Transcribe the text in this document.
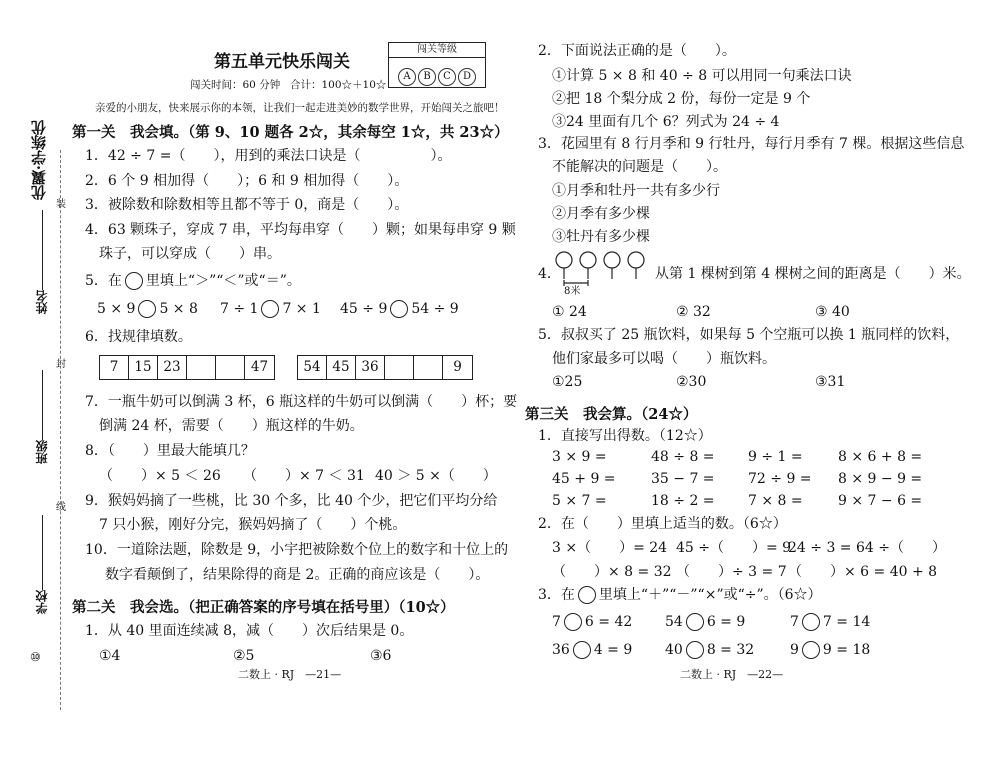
优翼·学练优
装
封
线
姓名
班级
学校
⑩
第五单元快乐闯关
闯关时间：60 分钟 合计：100☆＋10☆
闯关等级
A B C D
亲爱的小朋友，快来展示你的本领，让我们一起走进美妙的数学世界，开始闯关之旅吧！
第一关　我会填。（第 9、10 题各 2☆，其余每空 1☆，共 23☆）
1．42 ÷ 7 =（　　），用到的乘法口诀是（　　　　　）。
2．6 个 9 相加得（　　）；6 和 9 相加得（　　）。
3．被除数和除数相等且都不等于 0，商是（　　）。
4．63 颗珠子，穿成 7 串，平均每串穿（　　）颗；如果每串穿 9 颗
珠子，可以穿成（　　）串。
5．在 里填上“＞”“＜”或“＝”。
5 × 9 5 × 8 7 ÷ 1 7 × 1 45 ÷ 9 54 ÷ 9
6．找规律填数。
7	15 23	47	54 45 36	9
7．一瓶牛奶可以倒满 3 杯，6 瓶这样的牛奶可以倒满（　　）杯；要
倒满 24 杯，需要（　　）瓶这样的牛奶。
8．（　　）里最大能填几？
（　　）× 5 ＜ 26 （　　）× 7 ＜ 31 40 ＞ 5 ×（　　）
9．猴妈妈摘了一些桃，比 30 个多，比 40 个少，把它们平均分给
7 只小猴，刚好分完，猴妈妈摘了（　　）个桃。
10．一道除法题，除数是 9，小宇把被除数个位上的数字和十位上的
数字看颠倒了，结果除得的商是 2。正确的商应该是（　　）。
第二关　我会选。（把正确答案的序号填在括号里）（10☆）
1．从 40 里面连续减 8，减（　　）次后结果是 0。
①4	②5	③6
二数上 · RJ　—21—
2．下面说法正确的是（　　）。
①计算 5 × 8 和 40 ÷ 8 可以用同一句乘法口诀
②把 18 个梨分成 2 份，每份一定是 9 个
③24 里面有几个 6？列式为 24 ÷ 4
3．花园里有 8 行月季和 9 行牡丹，每行月季有 7 棵。根据这些信息
不能解决的问题是（　　）。
①月季和牡丹一共有多少行
②月季有多少棵
③牡丹有多少棵
4．
8米
从第 1 棵树到第 4 棵树之间的距离是（　　）米。
① 24	② 32	③ 40
5．叔叔买了 25 瓶饮料，如果每 5 个空瓶可以换 1 瓶同样的饮料，
他们家最多可以喝（　　）瓶饮料。
①25	②30	③31
第三关　我会算。（24☆）
1．直接写出得数。（12☆）
3 × 9 =	48 ÷ 8 = 9 ÷ 1 =	8 × 6 + 8 =
45 + 9 =	35 − 7 = 72 ÷ 9 = 8 × 9 − 9 =
5 × 7 =	18 ÷ 2 = 7 × 8 =	9 × 7 − 6 =
2．在（　　）里填上适当的数。（6☆）
3 ×（　　）= 24 45 ÷（　　）= 9
24 ÷ 3 = 64 ÷（　　）
（　　）× 8 = 32 （　　）÷ 3 = 7 （　　）× 6 = 40 + 8
3．在 里填上“＋”“－”“×”或“÷”。（6☆）
7 6 = 42 54 6 = 9	7 7 = 14
36 4 = 9 40 8 = 32	9 9 = 18
二数上 · RJ　—22—
